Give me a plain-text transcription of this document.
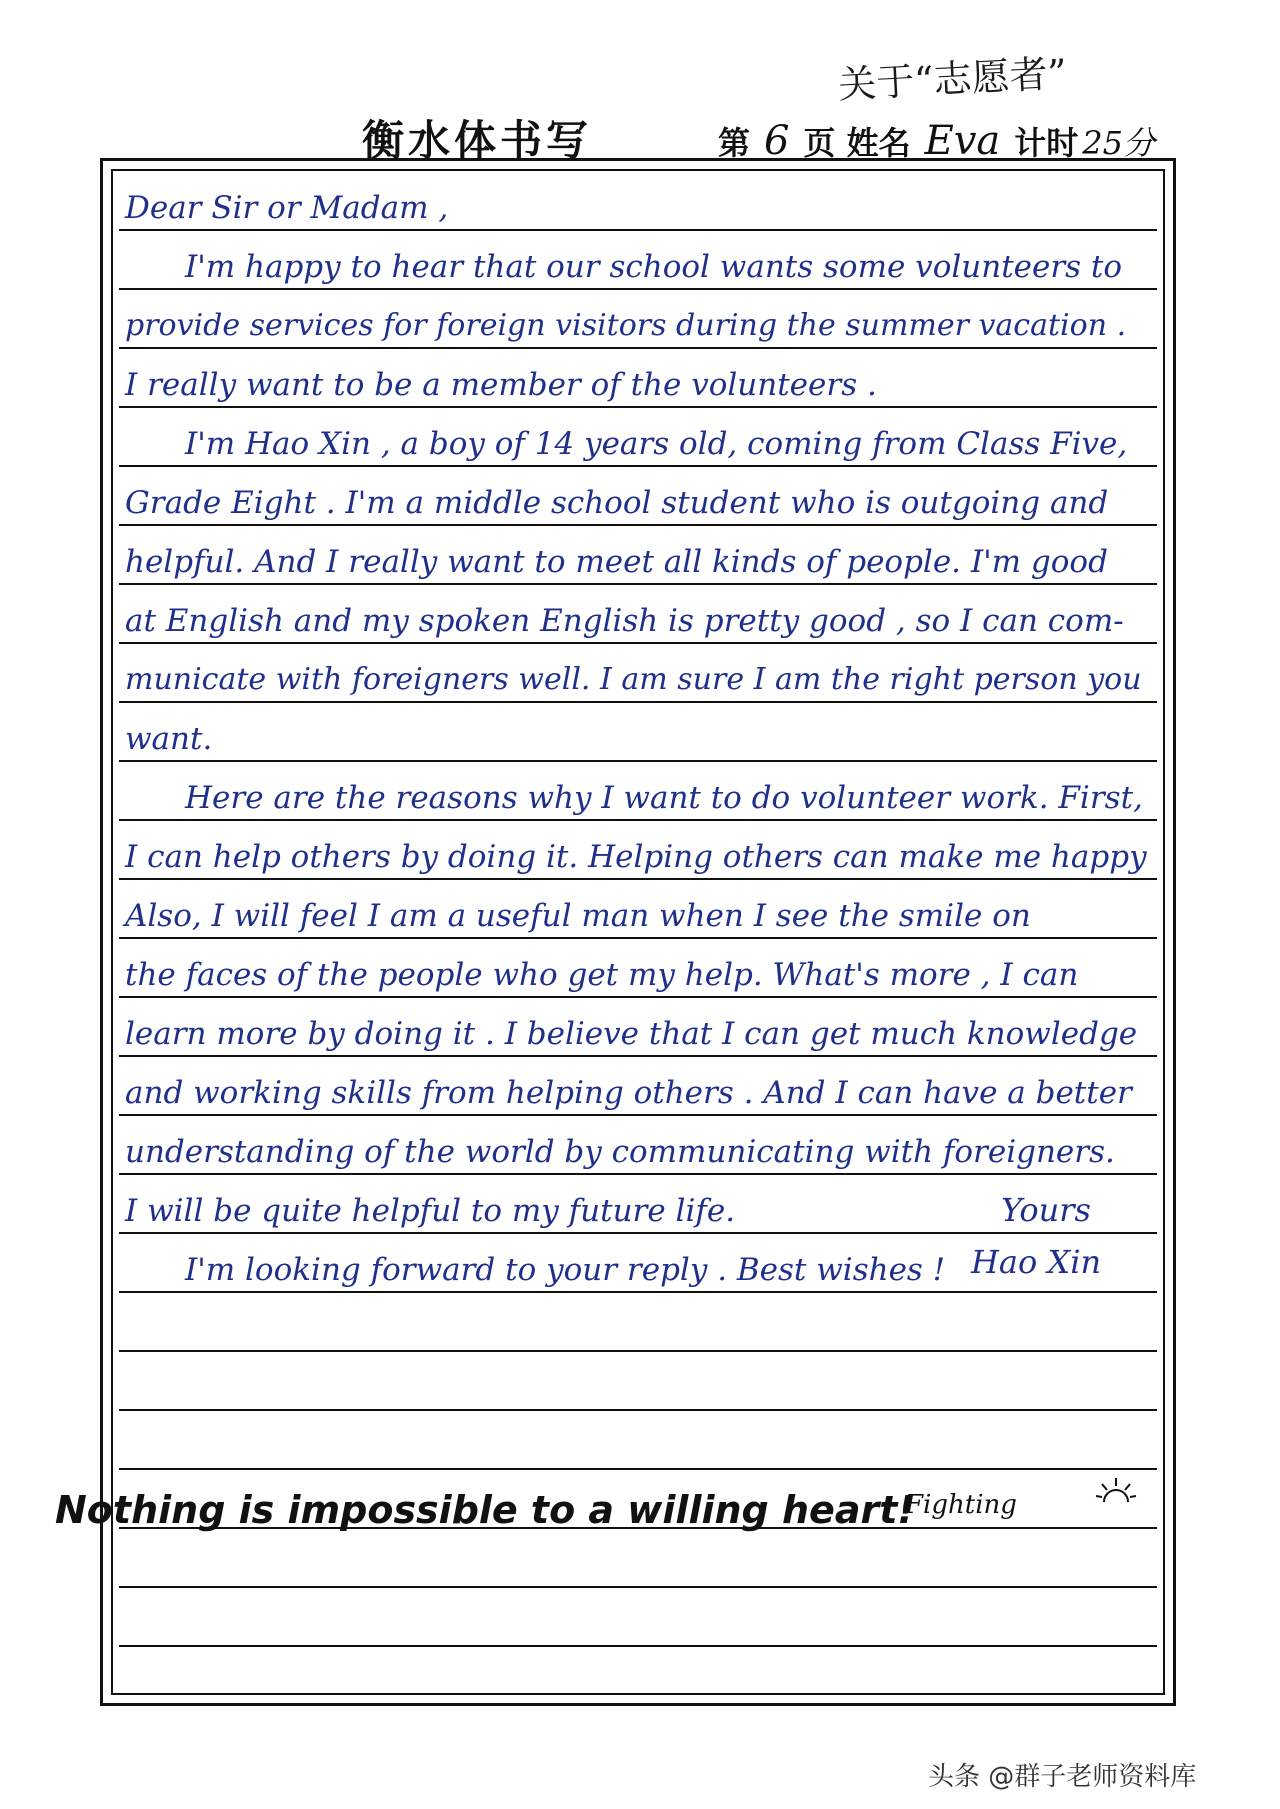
关于“志愿者”
衡水体书写	第 6 页 姓名 Eva 计时 25分
Dear Sir or Madam ,
I'm happy to hear that our school wants some volunteers to
provide services for foreign visitors during the summer vacation .
I really want to be a member of the volunteers .
I'm Hao Xin , a boy of 14 years old, coming from Class Five,
Grade Eight . I'm a middle school student who is outgoing and
helpful. And I really want to meet all kinds of people. I'm good
at English and my spoken English is pretty good , so I can com-
municate with foreigners well. I am sure I am the right person you
want.
Here are the reasons why I want to do volunteer work. First,
I can help others by doing it. Helping others can make me happy
Also, I will feel I am a useful man when I see the smile on
the faces of the people who get my help. What's more , I can
learn more by doing it . I believe that I can get much knowledge
and working skills from helping others . And I can have a better
understanding of the world by communicating with foreigners.
I will be quite helpful to my future life.
I'm looking forward to your reply . Best wishes !
Yours
Hao Xin
Nothing is impossible to a willing heart!
Fighting
头条 @群子老师资料库
